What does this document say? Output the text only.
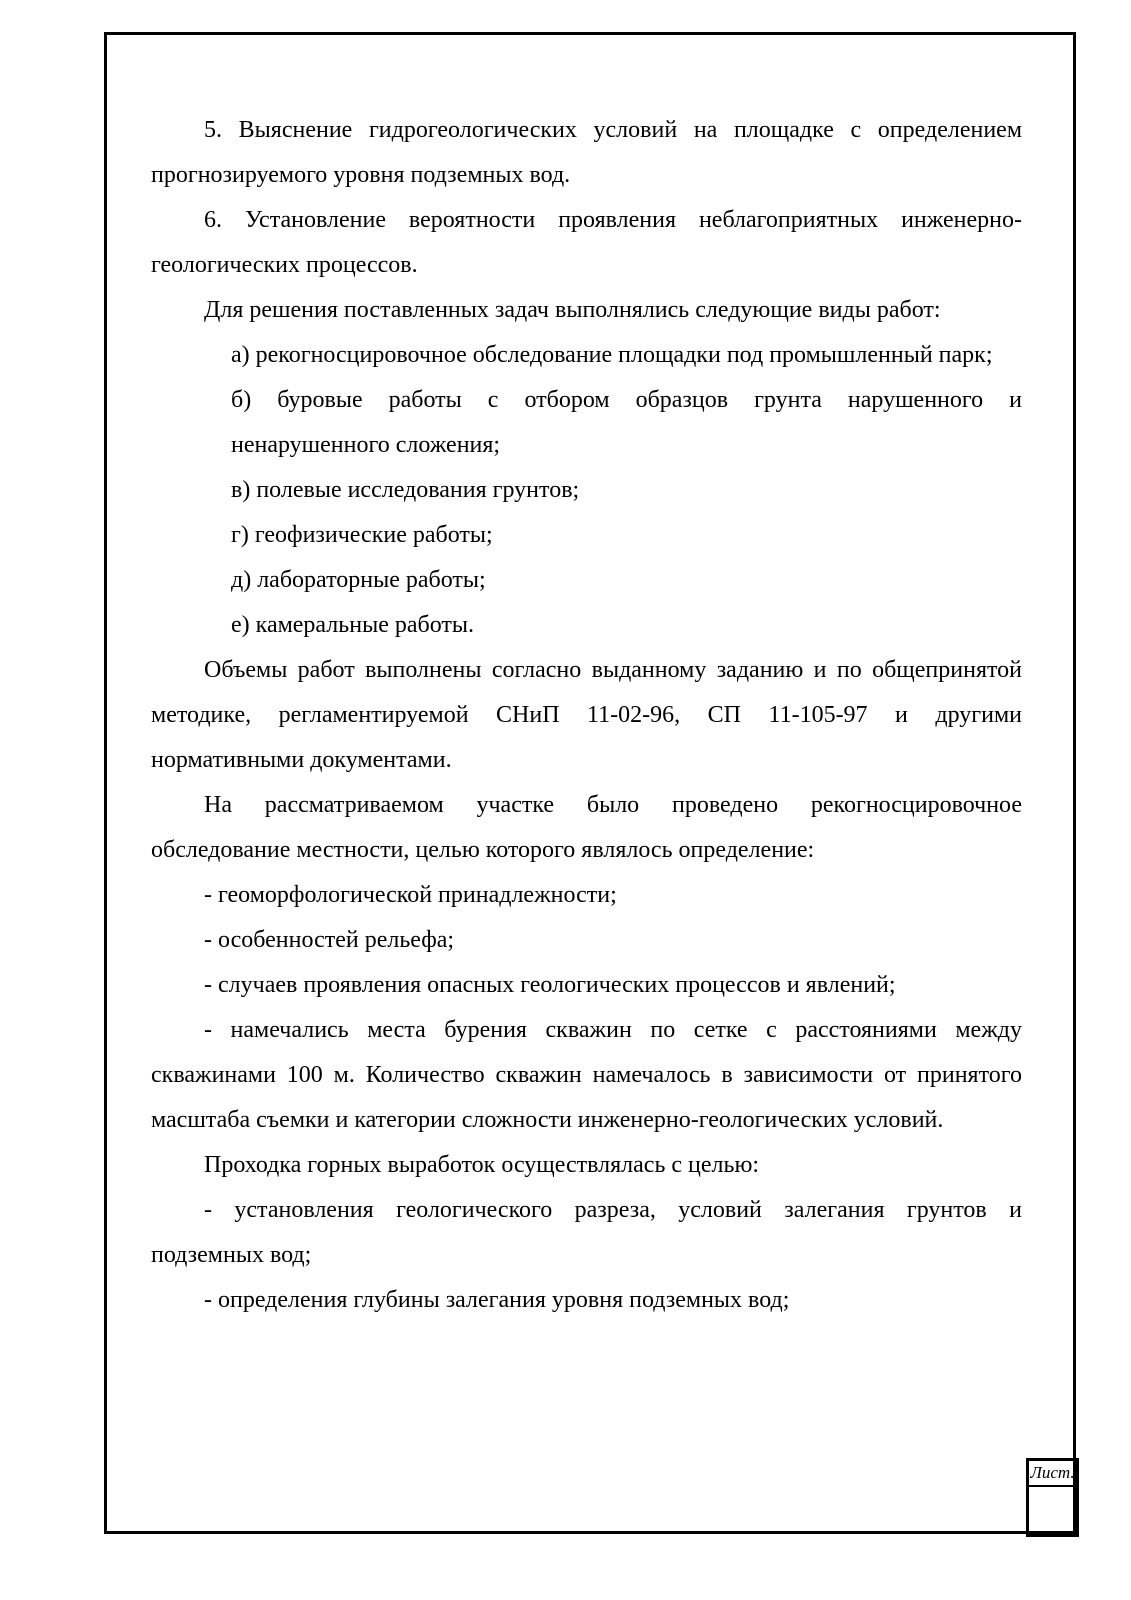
5. Выяснение гидрогеологических условий на площадке с определением прогнозируемого уровня подземных вод.

6. Установление вероятности проявления неблагоприятных инженерно-геологических процессов.

Для решения поставленных задач выполнялись следующие виды работ:

а) рекогносцировочное обследование площадки под промышленный парк;

б) буровые работы с отбором образцов грунта нарушенного и ненарушенного сложения;

в) полевые исследования грунтов;

г) геофизические работы;

д) лабораторные работы;

е) камеральные работы.

Объемы работ выполнены согласно выданному заданию и по общепринятой методике, регламентируемой СНиП 11-02-96, СП 11-105-97 и другими нормативными документами.

На рассматриваемом участке было проведено рекогносцировочное обследование местности, целью которого являлось определение:

- геоморфологической принадлежности;

- особенностей рельефа;

- случаев проявления опасных геологических процессов и явлений;

- намечались места бурения скважин по сетке с расстояниями между скважинами 100 м. Количество скважин намечалось в зависимости от принятого масштаба съемки и категории сложности инженерно-геологических условий.

Проходка горных выработок осуществлялась с целью:

- установления геологического разреза, условий залегания грунтов и подземных вод;

- определения глубины залегания уровня подземных вод;

Лист.
